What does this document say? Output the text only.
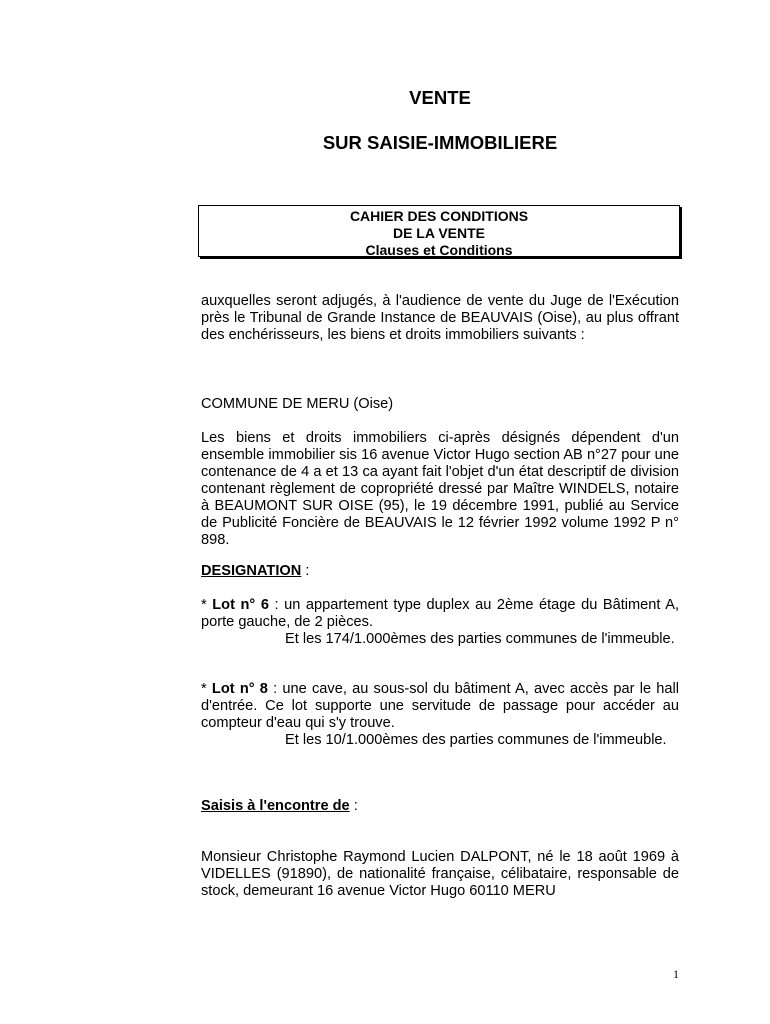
VENTE
SUR SAISIE-IMMOBILIERE
CAHIER DES CONDITIONS
DE LA VENTE
Clauses et Conditions

auxquelles seront adjugés, à l'audience de vente du Juge de l'Exécution près le Tribunal de Grande Instance de BEAUVAIS (Oise), au plus offrant des enchérisseurs, les biens et droits immobiliers suivants :

COMMUNE DE MERU (Oise)

Les biens et droits immobiliers ci-après désignés dépendent d'un ensemble immobilier sis 16 avenue Victor Hugo section AB n°27 pour une contenance de 4 a et 13 ca ayant fait l'objet d'un état descriptif de division contenant règlement de copropriété dressé par Maître WINDELS, notaire à BEAUMONT SUR OISE (95), le 19 décembre 1991, publié au Service de Publicité Foncière de BEAUVAIS le 12 février 1992 volume 1992 P n° 898.

DESIGNATION :

* Lot n° 6 : un appartement type duplex au 2ème étage du Bâtiment A, porte gauche, de 2 pièces.

Et les 174/1.000èmes des parties communes de l'immeuble.

* Lot n° 8 : une cave, au sous-sol du bâtiment A, avec accès par le hall d'entrée. Ce lot supporte une servitude de passage pour accéder au compteur d'eau qui s'y trouve.

Et les 10/1.000èmes des parties communes de l'immeuble.

Saisis à l'encontre de :

Monsieur Christophe Raymond Lucien DALPONT, né le 18 août 1969 à VIDELLES (91890), de nationalité française, célibataire, responsable de stock, demeurant 16 avenue Victor Hugo 60110 MERU

1
